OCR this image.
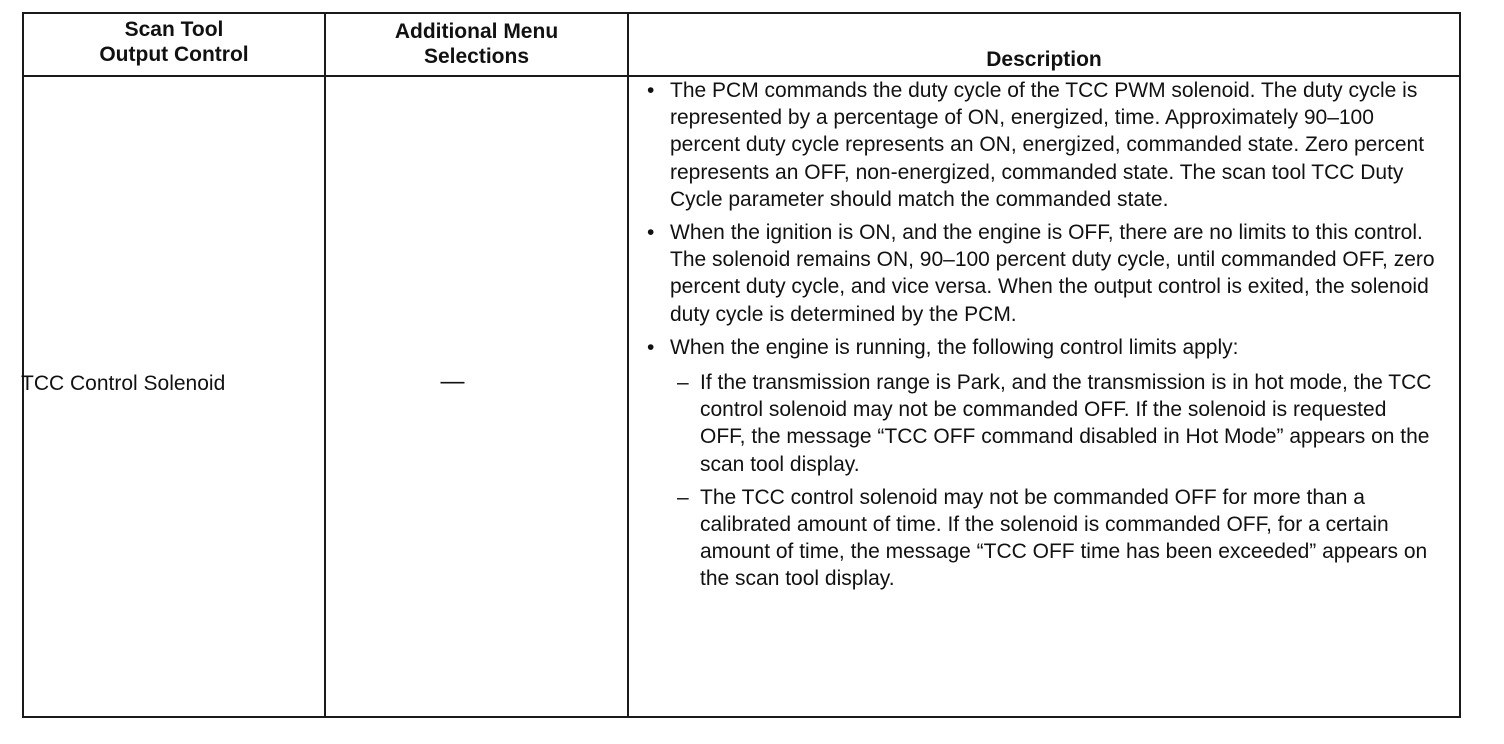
Scan Tool
Output Control
Additional Menu
Selections	Description
TCC Control Solenoid	—

• The PCM commands the duty cycle of the TCC PWM solenoid. The duty cycle is represented by a percentage of ON, energized, time. Approximately 90–100 percent duty cycle represents an ON, energized, commanded state. Zero percent represents an OFF, non-energized, commanded state. The scan tool TCC Duty Cycle parameter should match the commanded state.

• When the ignition is ON, and the engine is OFF, there are no limits to this control. The solenoid remains ON, 90–100 percent duty cycle, until commanded OFF, zero percent duty cycle, and vice versa. When the output control is exited, the solenoid duty cycle is determined by the PCM.

• When the engine is running, the following control limits apply:

– If the transmission range is Park, and the transmission is in hot mode, the TCC control solenoid may not be commanded OFF. If the solenoid is requested OFF, the message “TCC OFF command disabled in Hot Mode” appears on the scan tool display.

– The TCC control solenoid may not be commanded OFF for more than a calibrated amount of time. If the solenoid is commanded OFF, for a certain amount of time, the message “TCC OFF time has been exceeded” appears on the scan tool display.
